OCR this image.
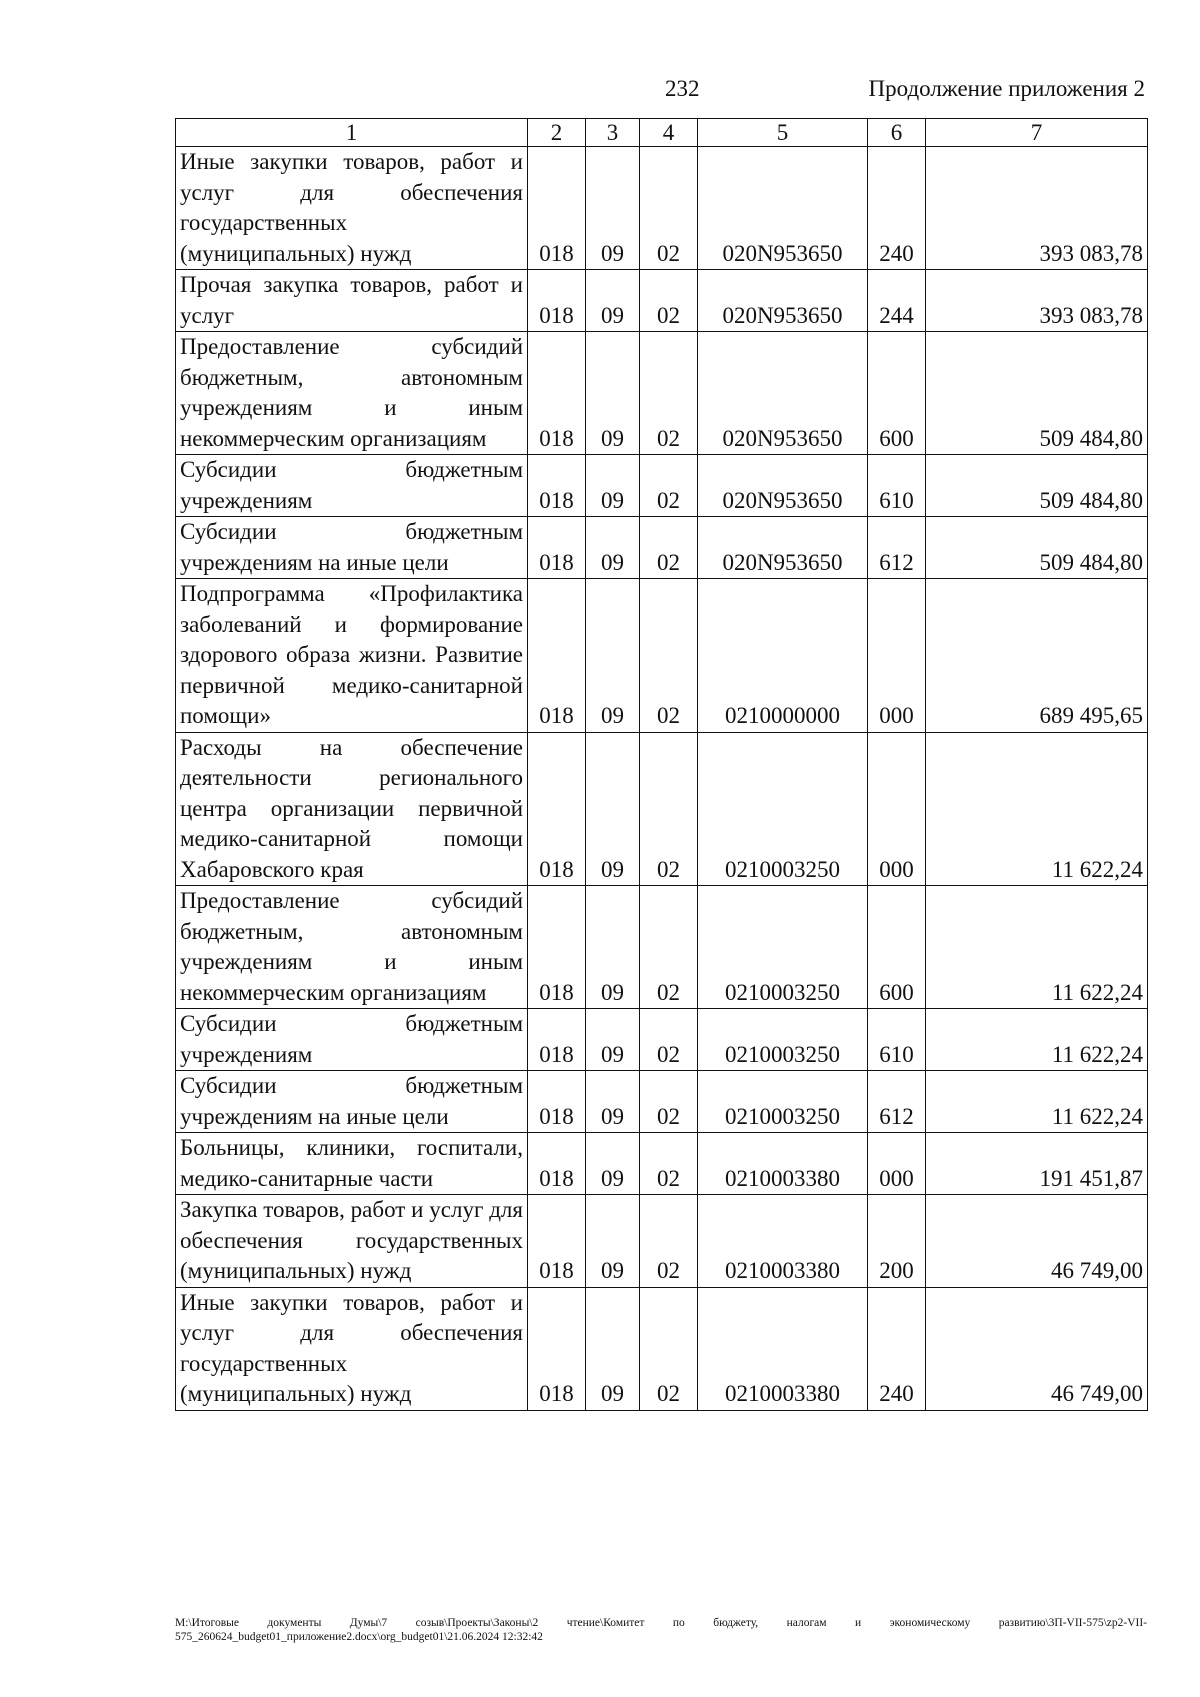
232	Продолжение приложения 2
1	2	3	4	5	6	7
Иные закупки товаров, работ и услуг для обеспечения государственных (муниципальных) нужд	018	09	02	020N953650	240	393 083,78
Прочая закупка товаров, работ и услуг	018	09	02	020N953650	244	393 083,78
Предоставление субсидий бюджетным, автономным учреждениям и иным некоммерческим организациям	018	09	02	020N953650	600	509 484,80
Субсидии бюджетным учреждениям	018	09	02	020N953650	610	509 484,80
Субсидии бюджетным учреждениям на иные цели	018	09	02	020N953650	612	509 484,80
Подпрограмма «Профилактика заболеваний и формирование здорового образа жизни. Развитие первичной медико-санитарной помощи»	018	09	02	0210000000	000	689 495,65
Расходы на обеспечение деятельности регионального центра организации первичной медико-санитарной помощи Хабаровского края	018	09	02	0210003250	000	11 622,24
Предоставление субсидий бюджетным, автономным учреждениям и иным некоммерческим организациям	018	09	02	0210003250	600	11 622,24
Субсидии бюджетным учреждениям	018	09	02	0210003250	610	11 622,24
Субсидии бюджетным учреждениям на иные цели	018	09	02	0210003250	612	11 622,24
Больницы, клиники, госпитали, медико-санитарные части	018	09	02	0210003380	000	191 451,87
Закупка товаров, работ и услуг для обеспечения государственных (муниципальных) нужд	018	09	02	0210003380	200	46 749,00
Иные закупки товаров, работ и услуг для обеспечения государственных (муниципальных) нужд	018	09	02	0210003380	240	46 749,00
М:\Итоговые документы Думы\7 созыв\Проекты\Законы\2 чтение\Комитет по бюджету, налогам и экономическому развитию\3П-VII-575\zp2-VII-575_260624_budget01_приложение2.docx\org_budget01\21.06.2024 12:32:42
